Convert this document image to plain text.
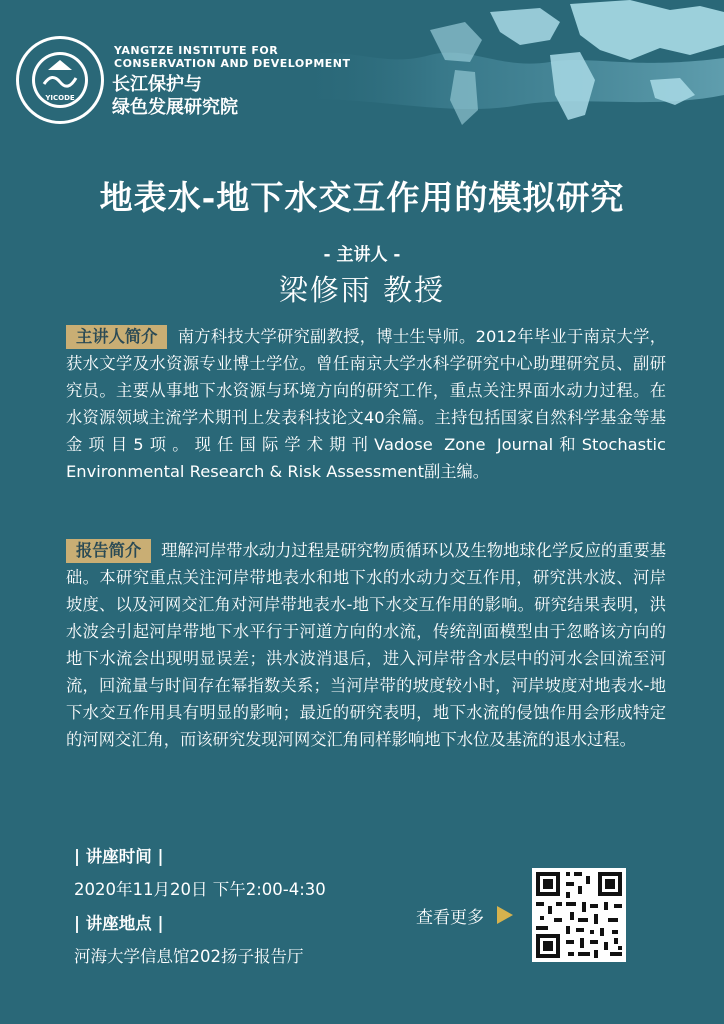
YICODE
YANGTZE INSTITUTE FOR
CONSERVATION AND DEVELOPMENT
长江保护与
绿色发展研究院
地表水-地下水交互作用的模拟研究
- 主讲人 -
梁修雨 教授
主讲人简介 南方科技大学研究副教授，博士生导师。2012年毕业于南京大学，获水文学及水资源专业博士学位。曾任南京大学水科学研究中心助理研究员、副研究员。主要从事地下水资源与环境方向的研究工作，重点关注界面水动力过程。在水资源领域主流学术期刊上发表科技论文40余篇。主持包括国家自然科学基金等基金项目5项。现任国际学术期刊Vadose Zone Journal和Stochastic Environmental Research & Risk Assessment副主编。
报告简介 理解河岸带水动力过程是研究物质循环以及生物地球化学反应的重要基础。本研究重点关注河岸带地表水和地下水的水动力交互作用，研究洪水波、河岸坡度、以及河网交汇角对河岸带地表水-地下水交互作用的影响。研究结果表明，洪水波会引起河岸带地下水平行于河道方向的水流，传统剖面模型由于忽略该方向的地下水流会出现明显误差；洪水波消退后，进入河岸带含水层中的河水会回流至河流，回流量与时间存在幂指数关系；当河岸带的坡度较小时，河岸坡度对地表水-地下水交互作用具有明显的影响；最近的研究表明，地下水流的侵蚀作用会形成特定的河网交汇角，而该研究发现河网交汇角同样影响地下水位及基流的退水过程。
| 讲座时间 |
2020年11月20日 下午2:00-4:30
| 讲座地点 |
河海大学信息馆202扬子报告厅
查看更多
